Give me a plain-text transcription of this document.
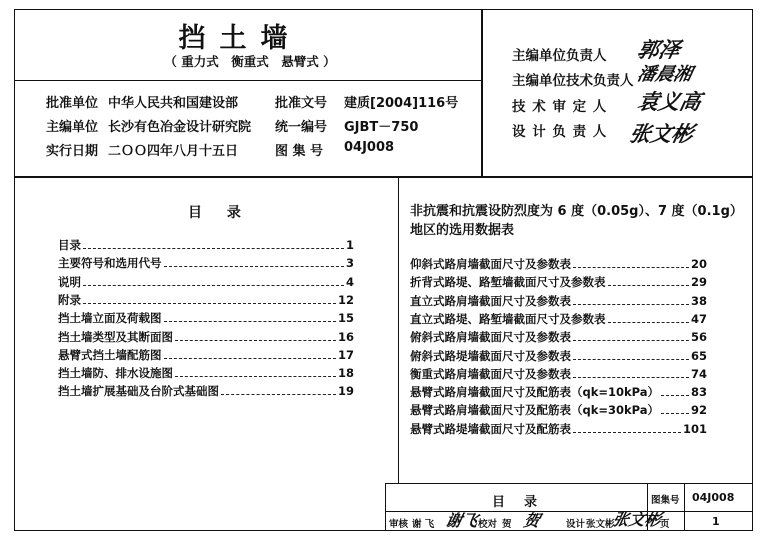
挡土墙
（ 重力式　衡重式　悬臂式 ）
批准单位 中华人民共和国建设部	批准文号 建质[2004]116号
主编单位 长沙有色冶金设计研究院 统一编号 GJBT－750
实行日期 二ＯＯ四年八月十五日	图 集 号 04J008
主编单位负责人 郭泽
主编单位技术负责人 潘晨湘
技 术 审 定 人 袁义高
设 计 负 责 人 张文彬
目 录
目录	1
主要符号和选用代号	3
说明	4
附录	12
挡土墙立面及荷载图	15
挡土墙类型及其断面图	16
悬臂式挡土墙配筋图	17
挡土墙防、排水设施图	18
挡土墙扩展基础及台阶式基础图	19
非抗震和抗震设防烈度为 6 度（0.05g）、7 度（0.1g）
地区的选用数据表
仰斜式路肩墙截面尺寸及参数表	20
折背式路堤、路堑墙截面尺寸及参数表	29
直立式路肩墙截面尺寸及参数表	38
直立式路堤、路堑墙截面尺寸及参数表	47
俯斜式路肩墙截面尺寸及参数表	56
俯斜式路堤墙截面尺寸及参数表	65
衡重式路肩墙截面尺寸及参数表	74
悬臂式路肩墙截面尺寸及配筋表（qk=10kPa）	83
悬臂式路肩墙截面尺寸及配筋表（qk=30kPa）	92
悬臂式路堤墙截面尺寸及配筋表	101
目　录	图集号 04J008
审核 谢 飞 谢飞
校对 贺 贺	设计 张文彬
张文彬
页	1
